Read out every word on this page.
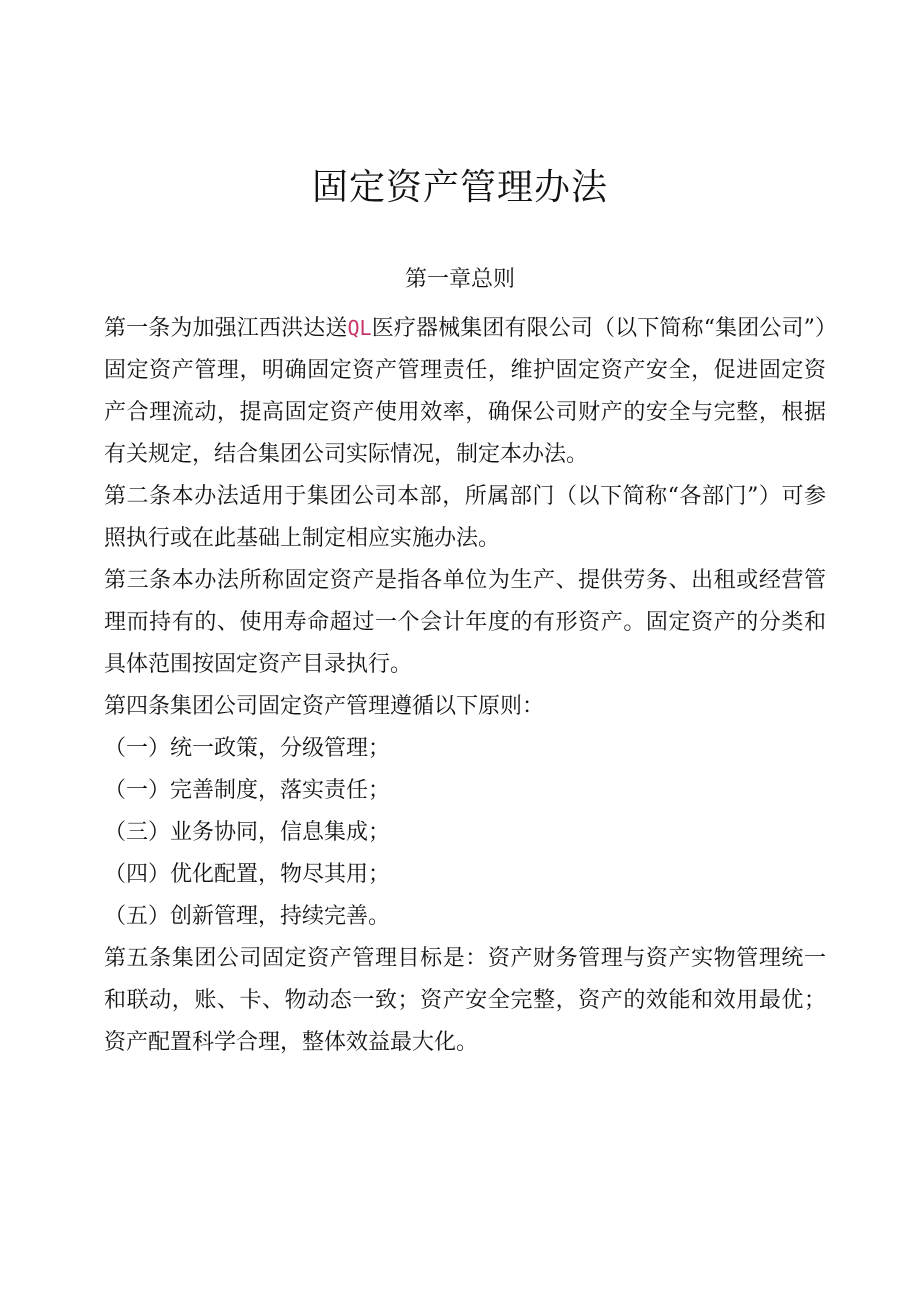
固定资产管理办法
第一章总则

第一条为加强江西洪达送QL医疗器械集团有限公司（以下简称“集团公司”）固定资产管理，明确固定资产管理责任，维护固定资产安全，促进固定资产合理流动，提高固定资产使用效率，确保公司财产的安全与完整，根据有关规定，结合集团公司实际情况，制定本办法。

第二条本办法适用于集团公司本部，所属部门（以下简称“各部门”）可参照执行或在此基础上制定相应实施办法。

第三条本办法所称固定资产是指各单位为生产、提供劳务、出租或经营管理而持有的、使用寿命超过一个会计年度的有形资产。固定资产的分类和具体范围按固定资产目录执行。

第四条集团公司固定资产管理遵循以下原则：

（一）统一政策，分级管理；

（一）完善制度，落实责任；

（三）业务协同，信息集成；

（四）优化配置，物尽其用；

（五）创新管理，持续完善。

第五条集团公司固定资产管理目标是：资产财务管理与资产实物管理统一和联动，账、卡、物动态一致；资产安全完整，资产的效能和效用最优；资产配置科学合理，整体效益最大化。
